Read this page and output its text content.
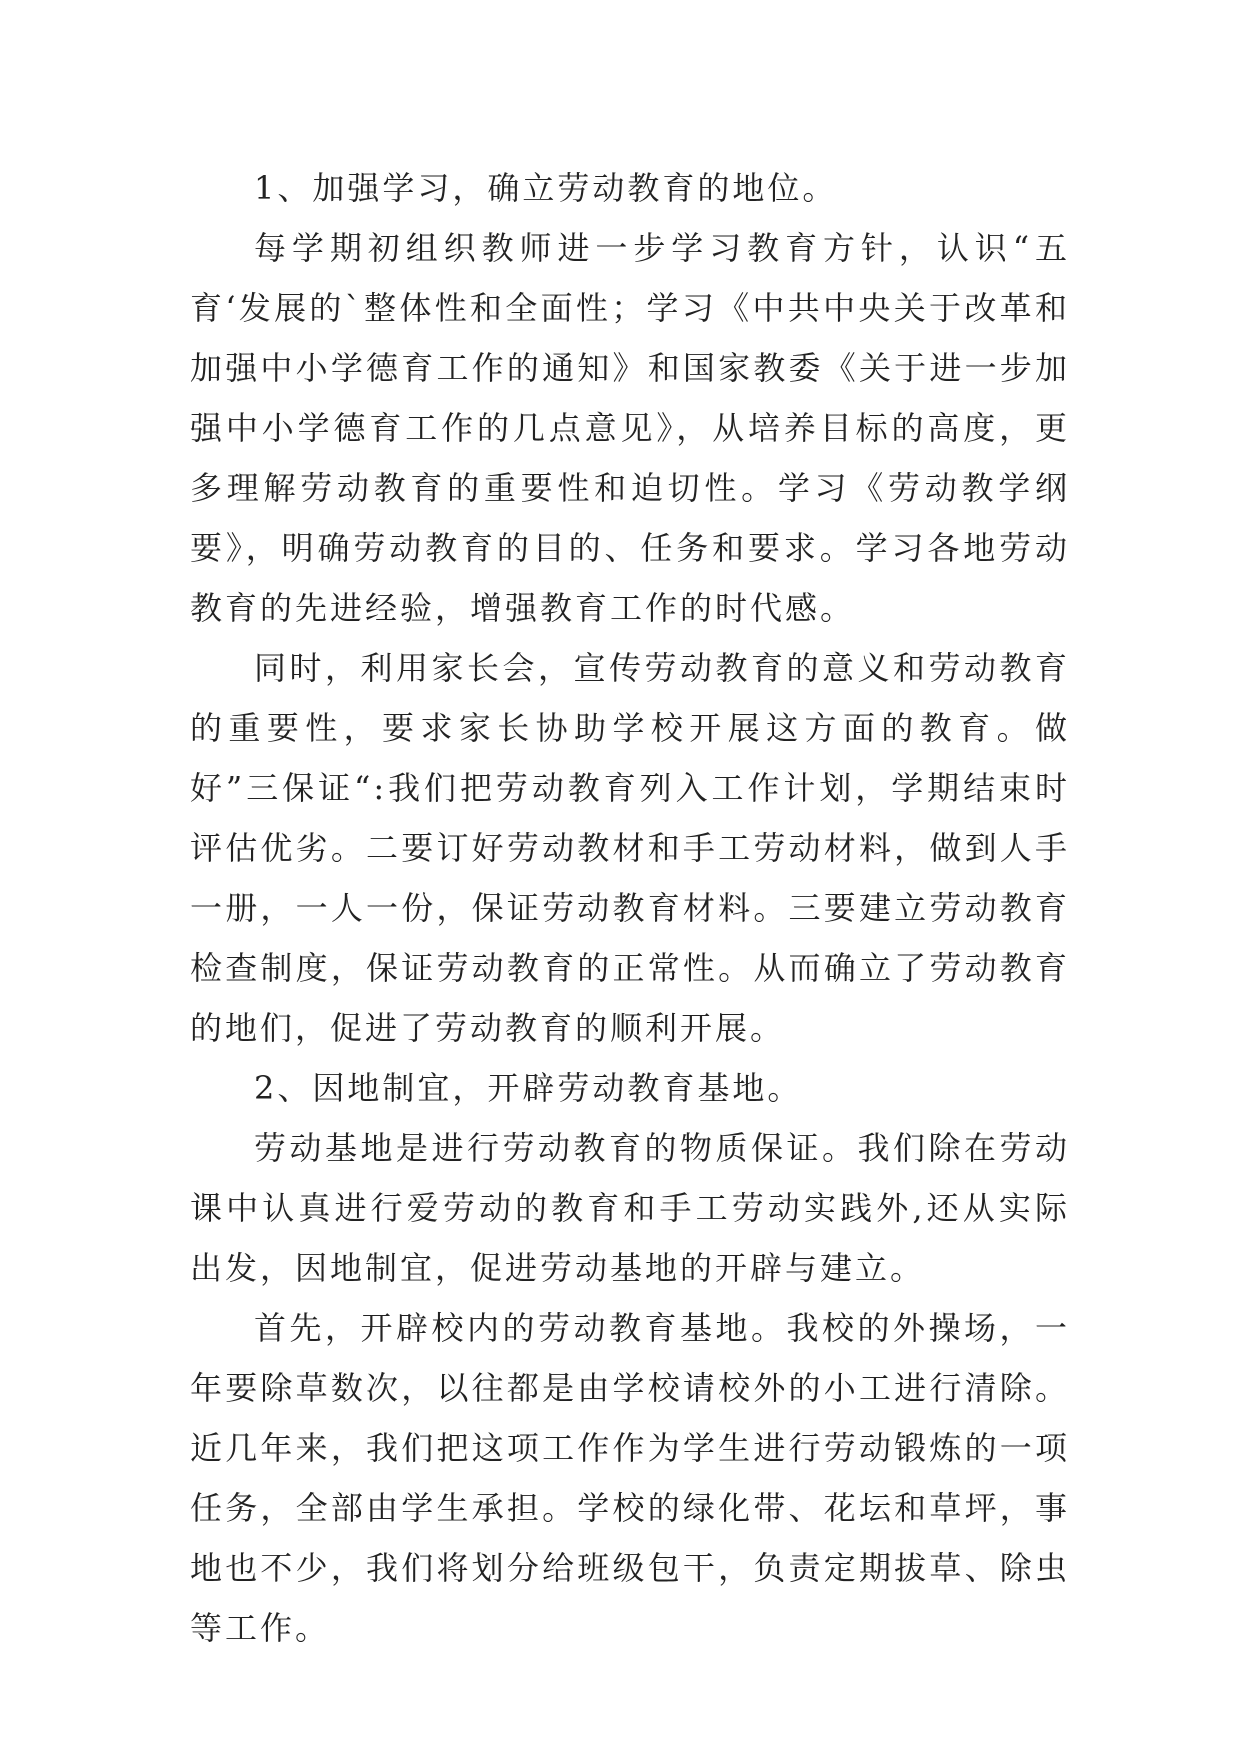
1、加强学习，确立劳动教育的地位。

每学期初组织教师进一步学习教育方针，认识“五育‘发展的`整体性和全面性；学习《中共中央关于改革和加强中小学德育工作的通知》和国家教委《关于进一步加强中小学德育工作的几点意见》，从培养目标的高度，更多理解劳动教育的重要性和迫切性。学习《劳动教学纲要》，明确劳动教育的目的、任务和要求。学习各地劳动教育的先进经验，增强教育工作的时代感。

同时，利用家长会，宣传劳动教育的意义和劳动教育的重要性，要求家长协助学校开展这方面的教育。做好”三保证“:我们把劳动教育列入工作计划，学期结束时评估优劣。二要订好劳动教材和手工劳动材料，做到人手一册，一人一份，保证劳动教育材料。三要建立劳动教育检查制度，保证劳动教育的正常性。从而确立了劳动教育的地们，促进了劳动教育的顺利开展。

2、因地制宜，开辟劳动教育基地。

劳动基地是进行劳动教育的物质保证。我们除在劳动课中认真进行爱劳动的教育和手工劳动实践外,还从实际出发，因地制宜，促进劳动基地的开辟与建立。

首先，开辟校内的劳动教育基地。我校的外操场，一年要除草数次，以往都是由学校请校外的小工进行清除。近几年来，我们把这项工作作为学生进行劳动锻炼的一项任务，全部由学生承担。学校的绿化带、花坛和草坪，事地也不少，我们将划分给班级包干，负责定期拔草、除虫等工作。
